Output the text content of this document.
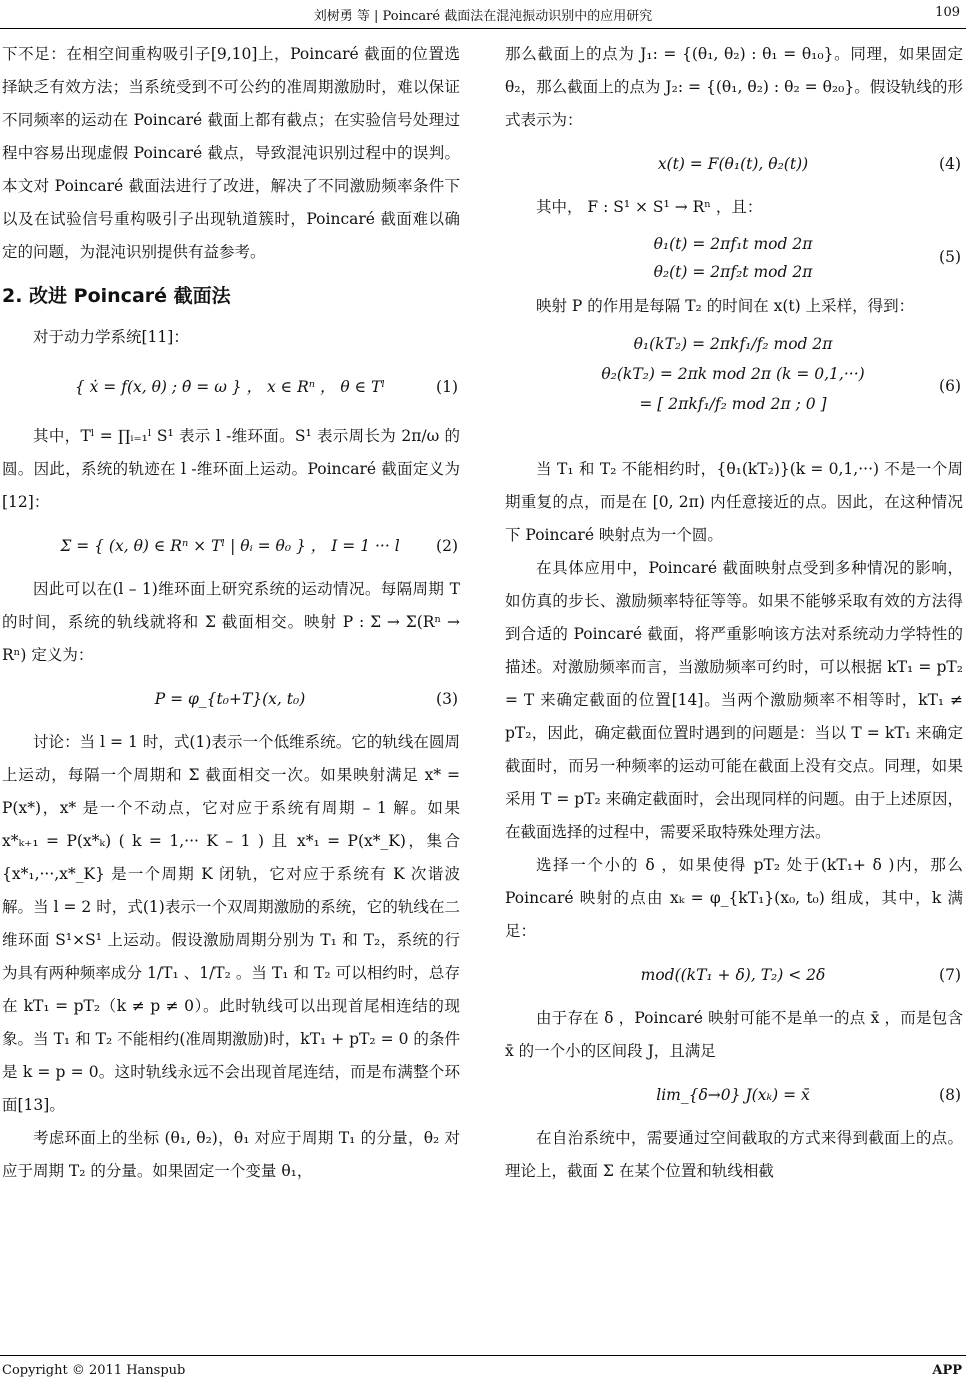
刘树勇 等 | Poincaré 截面法在混沌振动识别中的应用研究	109

下不足：在相空间重构吸引子[9,10]上，Poincaré 截面的位置选择缺乏有效方法；当系统受到不可公约的准周期激励时，难以保证不同频率的运动在 Poincaré 截面上都有截点；在实验信号处理过程中容易出现虚假 Poincaré 截点，导致混沌识别过程中的误判。本文对 Poincaré 截面法进行了改进，解决了不同激励频率条件下以及在试验信号重构吸引子出现轨道簇时，Poincaré 截面难以确定的问题，为混沌识别提供有益参考。

2. 改进 Poincaré 截面法

对于动力学系统[11]：

{ ẋ = f(x, θ) ; θ̇ = ω } ， x ∈ Rⁿ ， θ ∈ Tˡ	(1)

其中，Tˡ = ∏ᵢ₌₁ˡ S¹ 表示 l -维环面。S¹ 表示周长为 2π/ω 的圆。因此，系统的轨迹在 l -维环面上运动。Poincaré 截面定义为[12]：

Σ = { (x, θ) ∈ Rⁿ × Tˡ | θᵢ = θ₀ } ， I = 1 ··· l	(2)

因此可以在(l – 1)维环面上研究系统的运动情况。每隔周期 T 的时间，系统的轨线就将和 Σ 截面相交。映射 P : Σ → Σ(Rⁿ → Rⁿ) 定义为：

P = φ_{t₀+T}(x, t₀)	(3)

讨论：当 l = 1 时，式(1)表示一个低维系统。它的轨线在圆周上运动，每隔一个周期和 Σ 截面相交一次。如果映射满足 x* = P(x*)，x* 是一个不动点，它对应于系统有周期 – 1 解。如果 x*ₖ₊₁ = P(x*ₖ) ( k = 1,··· K – 1 ) 且 x*₁ = P(x*_K)，集合 {x*₁,···,x*_K} 是一个周期 K 闭轨，它对应于系统有 K 次谐波解。当 l = 2 时，式(1)表示一个双周期激励的系统，它的轨线在二维环面 S¹×S¹ 上运动。假设激励周期分别为 T₁ 和 T₂，系统的行为具有两种频率成分 1/T₁ 、1/T₂ 。当 T₁ 和 T₂ 可以相约时，总存在 kT₁ = pT₂（k ≠ p ≠ 0）。此时轨线可以出现首尾相连结的现象。当 T₁ 和 T₂ 不能相约(准周期激励)时，kT₁ + pT₂ = 0 的条件是 k = p = 0。这时轨线永远不会出现首尾连结，而是布满整个环面[13]。

考虑环面上的坐标 (θ₁, θ₂)，θ₁ 对应于周期 T₁ 的分量，θ₂ 对应于周期 T₂ 的分量。如果固定一个变量 θ₁，

那么截面上的点为 J₁: = {(θ₁, θ₂) : θ₁ = θ₁₀}。同理，如果固定 θ₂，那么截面上的点为 J₂: = {(θ₁, θ₂) : θ₂ = θ₂₀}。假设轨线的形式表示为：

x(t) = F(θ₁(t), θ₂(t))	(4)

其中， F : S¹ × S¹ → Rⁿ ，且：

θ₁(t) = 2πf₁t mod 2π
θ₂(t) = 2πf₂t mod 2π
(5)

映射 P 的作用是每隔 T₂ 的时间在 x(t) 上采样，得到：

θ₁(kT₂) = 2πkf₁/f₂ mod 2π
θ₂(kT₂) = 2πk mod 2π (k = 0,1,···)
= [ 2πkf₁/f₂ mod 2π ; 0 ]
(6)

当 T₁ 和 T₂ 不能相约时，{θ₁(kT₂)}(k = 0,1,···) 不是一个周期重复的点，而是在 [0, 2π) 内任意接近的点。因此，在这种情况下 Poincaré 映射点为一个圆。

在具体应用中，Poincaré 截面映射点受到多种情况的影响，如仿真的步长、激励频率特征等等。如果不能够采取有效的方法得到合适的 Poincaré 截面，将严重影响该方法对系统动力学特性的描述。对激励频率而言，当激励频率可约时，可以根据 kT₁ = pT₂ = T 来确定截面的位置[14]。当两个激励频率不相等时，kT₁ ≠ pT₂，因此，确定截面位置时遇到的问题是：当以 T = kT₁ 来确定截面时，而另一种频率的运动可能在截面上没有交点。同理，如果采用 T = pT₂ 来确定截面时，会出现同样的问题。由于上述原因，在截面选择的过程中，需要采取特殊处理方法。

选择一个小的 δ ，如果使得 pT₂ 处于(kT₁+ δ )内，那么 Poincaré 映射的点由 xₖ = φ_{kT₁}(x₀, t₀) 组成，其中，k 满足：

mod((kT₁ + δ), T₂) < 2δ	(7)

由于存在 δ ，Poincaré 映射可能不是单一的点 x̄ ，而是包含 x̄ 的一个小的区间段 J，且满足

lim_{δ→0} J(xₖ) = x̄	(8)

在自治系统中，需要通过空间截取的方式来得到截面上的点。理论上，截面 Σ 在某个位置和轨线相截

Copyright © 2011 Hanspub	APP
